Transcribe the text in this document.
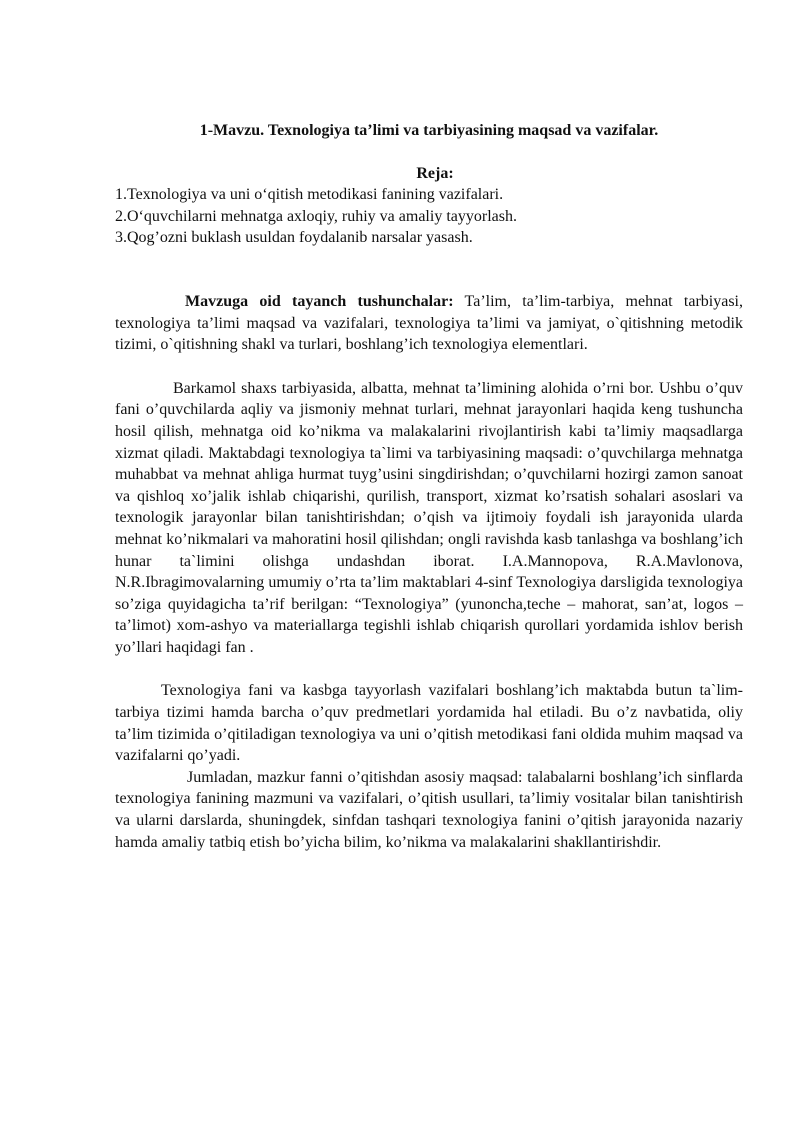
1-Mavzu. Texnologiya ta’limi va tarbiyasining maqsad va vazifalar.

Reja:

1.Texnologiya va uni o‘qitish metodikasi fanining vazifalari.
2.O‘quvchilarni mehnatga axloqiy, ruhiy va amaliy tayyorlash.
3.Qog’ozni buklash usuldan foydalanib narsalar yasash.

Mavzuga oid tayanch tushunchalar: Ta’lim, ta’lim-tarbiya, mehnat tarbiyasi, texnologiya ta’limi maqsad va vazifalari, texnologiya ta’limi va jamiyat, o`qitishning metodik tizimi, o`qitishning shakl va turlari, boshlang’ich texnologiya elementlari.

Barkamol shaxs tarbiyasida, albatta, mehnat ta’limining alohida o’rni bor. Ushbu o’quv fani o’quvchilarda aqliy va jismoniy mehnat turlari, mehnat jarayonlari haqida keng tushuncha hosil qilish, mehnatga oid ko’nikma va malakalarini rivojlantirish kabi ta’limiy maqsadlarga xizmat qiladi. Maktabdagi texnologiya ta`limi va tarbiyasining maqsadi: o’quvchilarga mehnatga muhabbat va mehnat ahliga hurmat tuyg’usini singdirishdan; o’quvchilarni hozirgi zamon sanoat va qishloq xo’jalik ishlab chiqarishi, qurilish, transport, xizmat ko’rsatish sohalari asoslari va texnologik jarayonlar bilan tanishtirishdan; o’qish va ijtimoiy foydali ish jarayonida ularda mehnat ko’nikmalari va mahoratini hosil qilishdan; ongli ravishda kasb tanlashga va boshlang’ich hunar ta`limini olishga undashdan iborat. I.A.Mannopova, R.A.Mavlonova, N.R.Ibragimovalarning umumiy o’rta ta’lim maktablari 4-sinf Texnologiya darsligida texnologiya so’ziga quyidagicha ta’rif berilgan: “Texnologiya” (yunoncha,teche – mahorat, san’at, logos –ta’limot) xom-ashyo va materiallarga tegishli ishlab chiqarish qurollari yordamida ishlov berish yo’llari haqidagi fan .

Texnologiya fani va kasbga tayyorlash vazifalari boshlang’ich maktabda butun ta`lim-tarbiya tizimi hamda barcha o’quv predmetlari yordamida hal etiladi. Bu o’z navbatida, oliy ta’lim tizimida o’qitiladigan texnologiya va uni o’qitish metodikasi fani oldida muhim maqsad va vazifalarni qo’yadi.

Jumladan, mazkur fanni o’qitishdan asosiy maqsad: talabalarni boshlang’ich sinflarda texnologiya fanining mazmuni va vazifalari, o’qitish usullari, ta’limiy vositalar bilan tanishtirish va ularni darslarda, shuningdek, sinfdan tashqari texnologiya fanini o’qitish jarayonida nazariy hamda amaliy tatbiq etish bo’yicha bilim, ko’nikma va malakalarini shakllantirishdir.
